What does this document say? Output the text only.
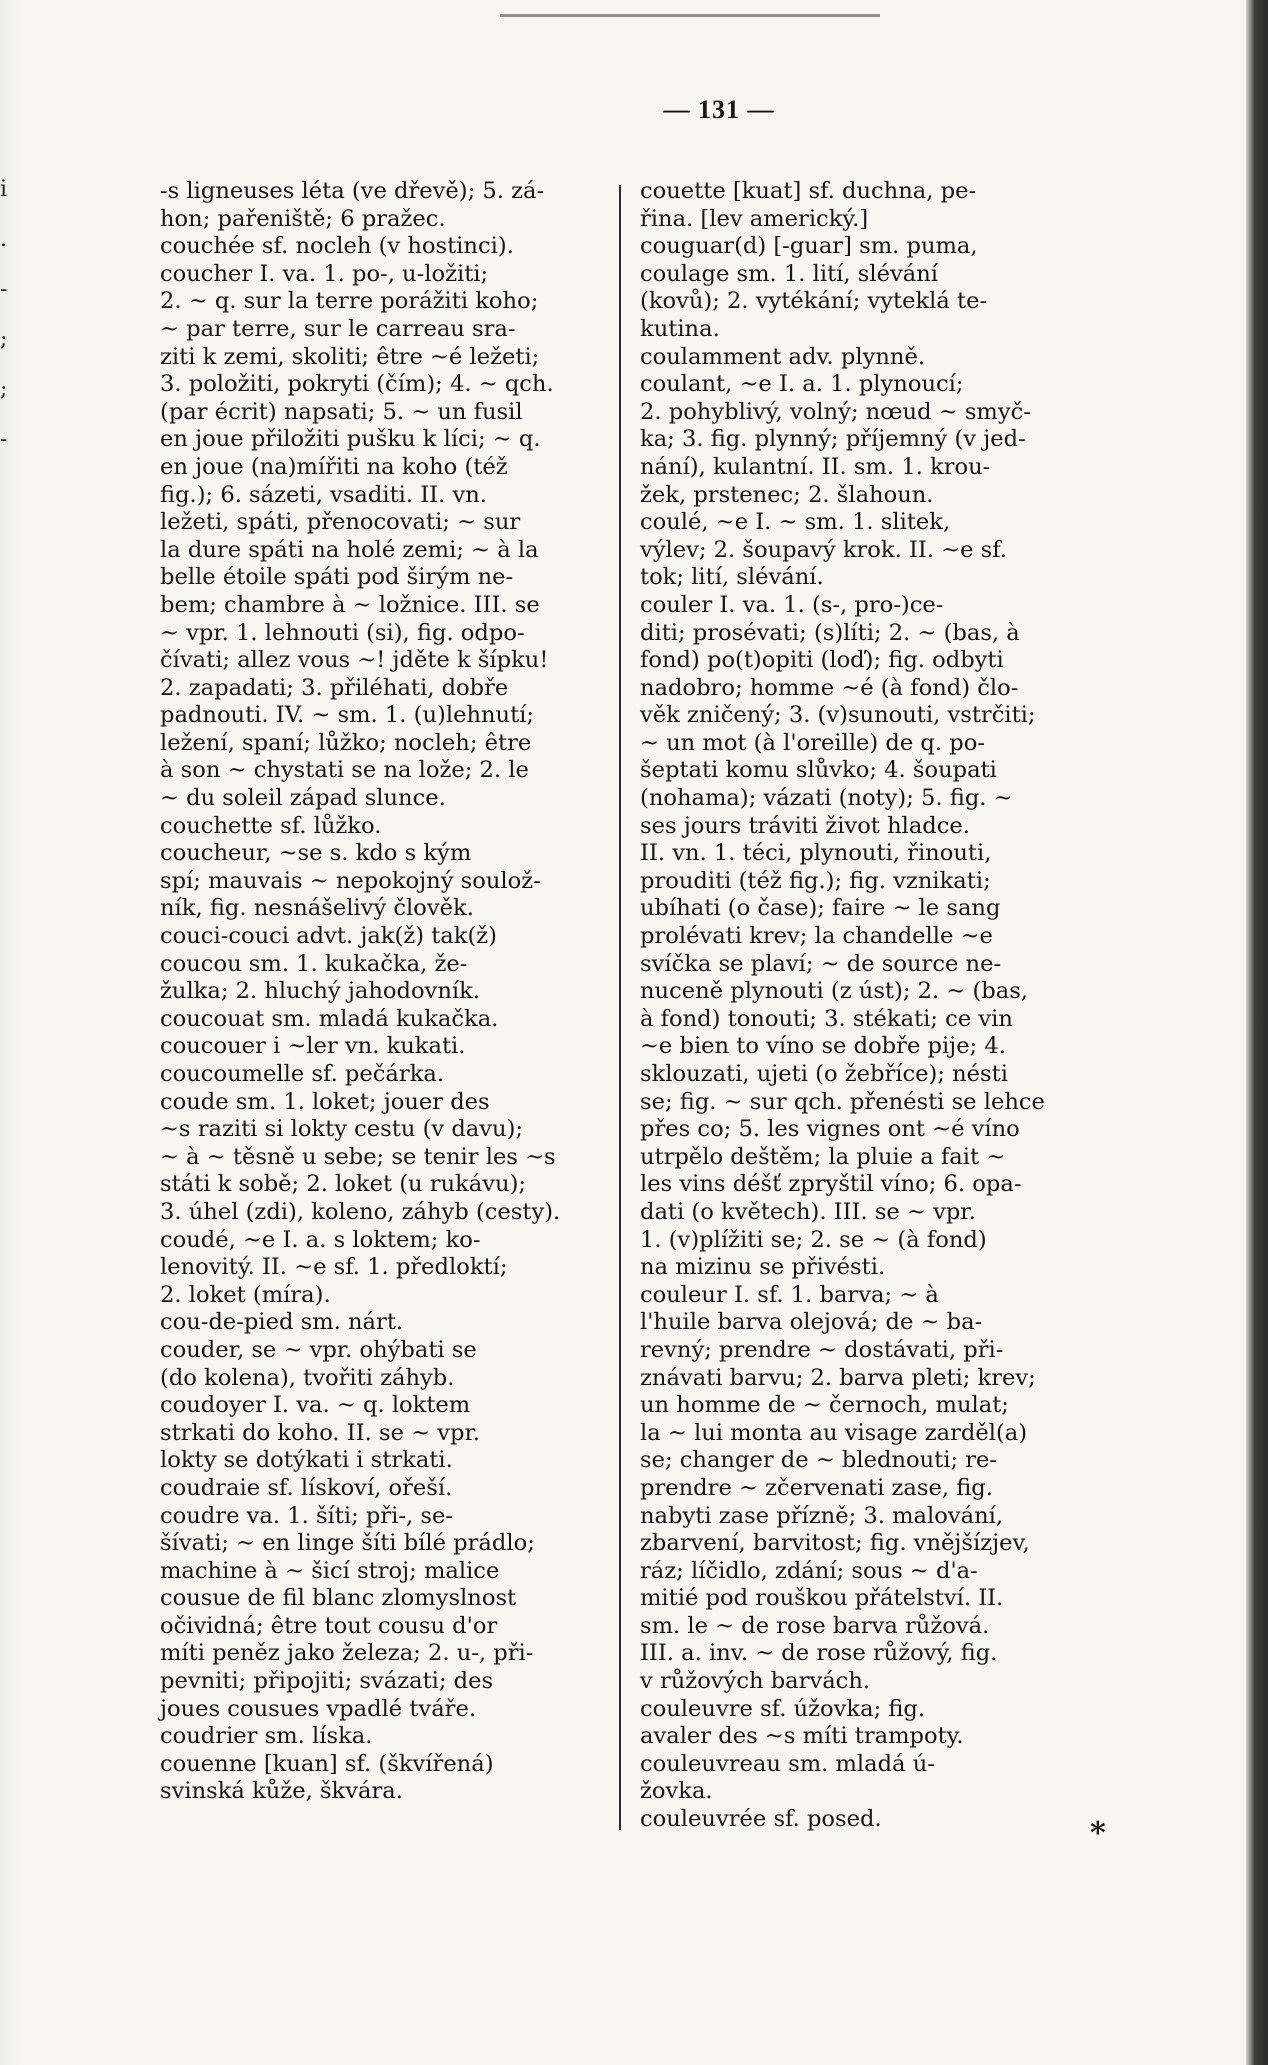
i
.
-
;
;
-
— 131 —
-s ligneuses léta (ve dřevě); 5. zá-
hon; pařeniště; 6 pražec.
couchée sf. nocleh (v hostinci).
coucher I. va. 1. po-, u-ložiti;
2. ~ q. sur la terre porážiti koho;
~ par terre, sur le carreau sra-
ziti k zemi, skoliti; être ~é ležeti;
3. položiti, pokryti (čím); 4. ~ qch.
(par écrit) napsati; 5. ~ un fusil
en joue přiložiti pušku k líci; ~ q.
en joue (na)mířiti na koho (též
fig.); 6. sázeti, vsaditi. II. vn.
ležeti, spáti, přenocovati; ~ sur
la dure spáti na holé zemi; ~ à la
belle étoile spáti pod širým ne-
bem; chambre à ~ ložnice. III. se
~ vpr. 1. lehnouti (si), fig. odpo-
čívati; allez vous ~! jděte k šípku!
2. zapadati; 3. přiléhati, dobře
padnouti. IV. ~ sm. 1. (u)lehnutí;
ležení, spaní; lůžko; nocleh; être
à son ~ chystati se na lože; 2. le
~ du soleil západ slunce.
couchette sf. lůžko.
coucheur, ~se s. kdo s kým
spí; mauvais ~ nepokojný soulož-
ník, fig. nesnášelivý člověk.
couci-couci advt. jak(ž) tak(ž)
coucou sm. 1. kukačka, že-
žulka; 2. hluchý jahodovník.
coucouat sm. mladá kukačka.
coucouer i ~ler vn. kukati.
coucoumelle sf. pečárka.
coude sm. 1. loket; jouer des
~s raziti si lokty cestu (v davu);
~ à ~ těsně u sebe; se tenir les ~s
státi k sobě; 2. loket (u rukávu);
3. úhel (zdi), koleno, záhyb (cesty).
coudé, ~e I. a. s loktem; ko-
lenovitý. II. ~e sf. 1. předloktí;
2. loket (míra).
cou-de-pied sm. nárt.
couder, se ~ vpr. ohýbati se
(do kolena), tvořiti záhyb.
coudoyer I. va. ~ q. loktem
strkati do koho. II. se ~ vpr.
lokty se dotýkati i strkati.
coudraie sf. lískoví, ořeší.
coudre va. 1. šíti; při-, se-
šívati; ~ en linge šíti bílé prádlo;
machine à ~ šicí stroj; malice
cousue de fil blanc zlomyslnost
očividná; être tout cousu d'or
míti peněz jako železa; 2. u-, při-
pevniti; připojiti; svázati; des
joues cousues vpadlé tváře.
coudrier sm. líska.
couenne [kuan] sf. (škvířená)
svinská kůže, škvára.
couette [kuat] sf. duchna, pe-
řina. [lev americký.]
couguar(d) [-guar] sm. puma,
coulage sm. 1. lití, slévání
(kovů); 2. vytékání; vyteklá te-
kutina.
coulamment adv. plynně.
coulant, ~e I. a. 1. plynoucí;
2. pohyblivý, volný; nœud ~ smyč-
ka; 3. fig. plynný; příjemný (v jed-
nání), kulantní. II. sm. 1. krou-
žek, prstenec; 2. šlahoun.
coulé, ~e I. ~ sm. 1. slitek,
výlev; 2. šoupavý krok. II. ~e sf.
tok; lití, slévání.
couler I. va. 1. (s-, pro-)ce-
diti; prosévati; (s)líti; 2. ~ (bas, à
fond) po(t)opiti (loď); fig. odbyti
nadobro; homme ~é (à fond) člo-
věk zničený; 3. (v)sunouti, vstrčiti;
~ un mot (à l'oreille) de q. po-
šeptati komu slůvko; 4. šoupati
(nohama); vázati (noty); 5. fig. ~
ses jours tráviti život hladce.
II. vn. 1. téci, plynouti, řinouti,
prouditi (též fig.); fig. vznikati;
ubíhati (o čase); faire ~ le sang
prolévati krev; la chandelle ~e
svíčka se plaví; ~ de source ne-
nuceně plynouti (z úst); 2. ~ (bas,
à fond) tonouti; 3. stékati; ce vin
~e bien to víno se dobře pije; 4.
sklouzati, ujeti (o žebříce); nésti
se; fig. ~ sur qch. přenésti se lehce
přes co; 5. les vignes ont ~é víno
utrpělo deštěm; la pluie a fait ~
les vins déšť zpryštil víno; 6. opa-
dati (o květech). III. se ~ vpr.
1. (v)plížiti se; 2. se ~ (à fond)
na mizinu se přivésti.
couleur I. sf. 1. barva; ~ à
l'huile barva olejová; de ~ ba-
revný; prendre ~ dostávati, při-
znávati barvu; 2. barva pleti; krev;
un homme de ~ černoch, mulat;
la ~ lui monta au visage zarděl(a)
se; changer de ~ blednouti; re-
prendre ~ zčervenati zase, fig.
nabyti zase přízně; 3. malování,
zbarvení, barvitost; fig. vnějšízjev,
ráz; líčidlo, zdání; sous ~ d'a-
mitié pod rouškou přátelství. II.
sm. le ~ de rose barva růžová.
III. a. inv. ~ de rose růžový, fig.
v růžových barvách.
couleuvre sf. úžovka; fig.
avaler des ~s míti trampoty.
couleuvreau sm. mladá ú-
žovka.
couleuvrée sf. posed.	*
